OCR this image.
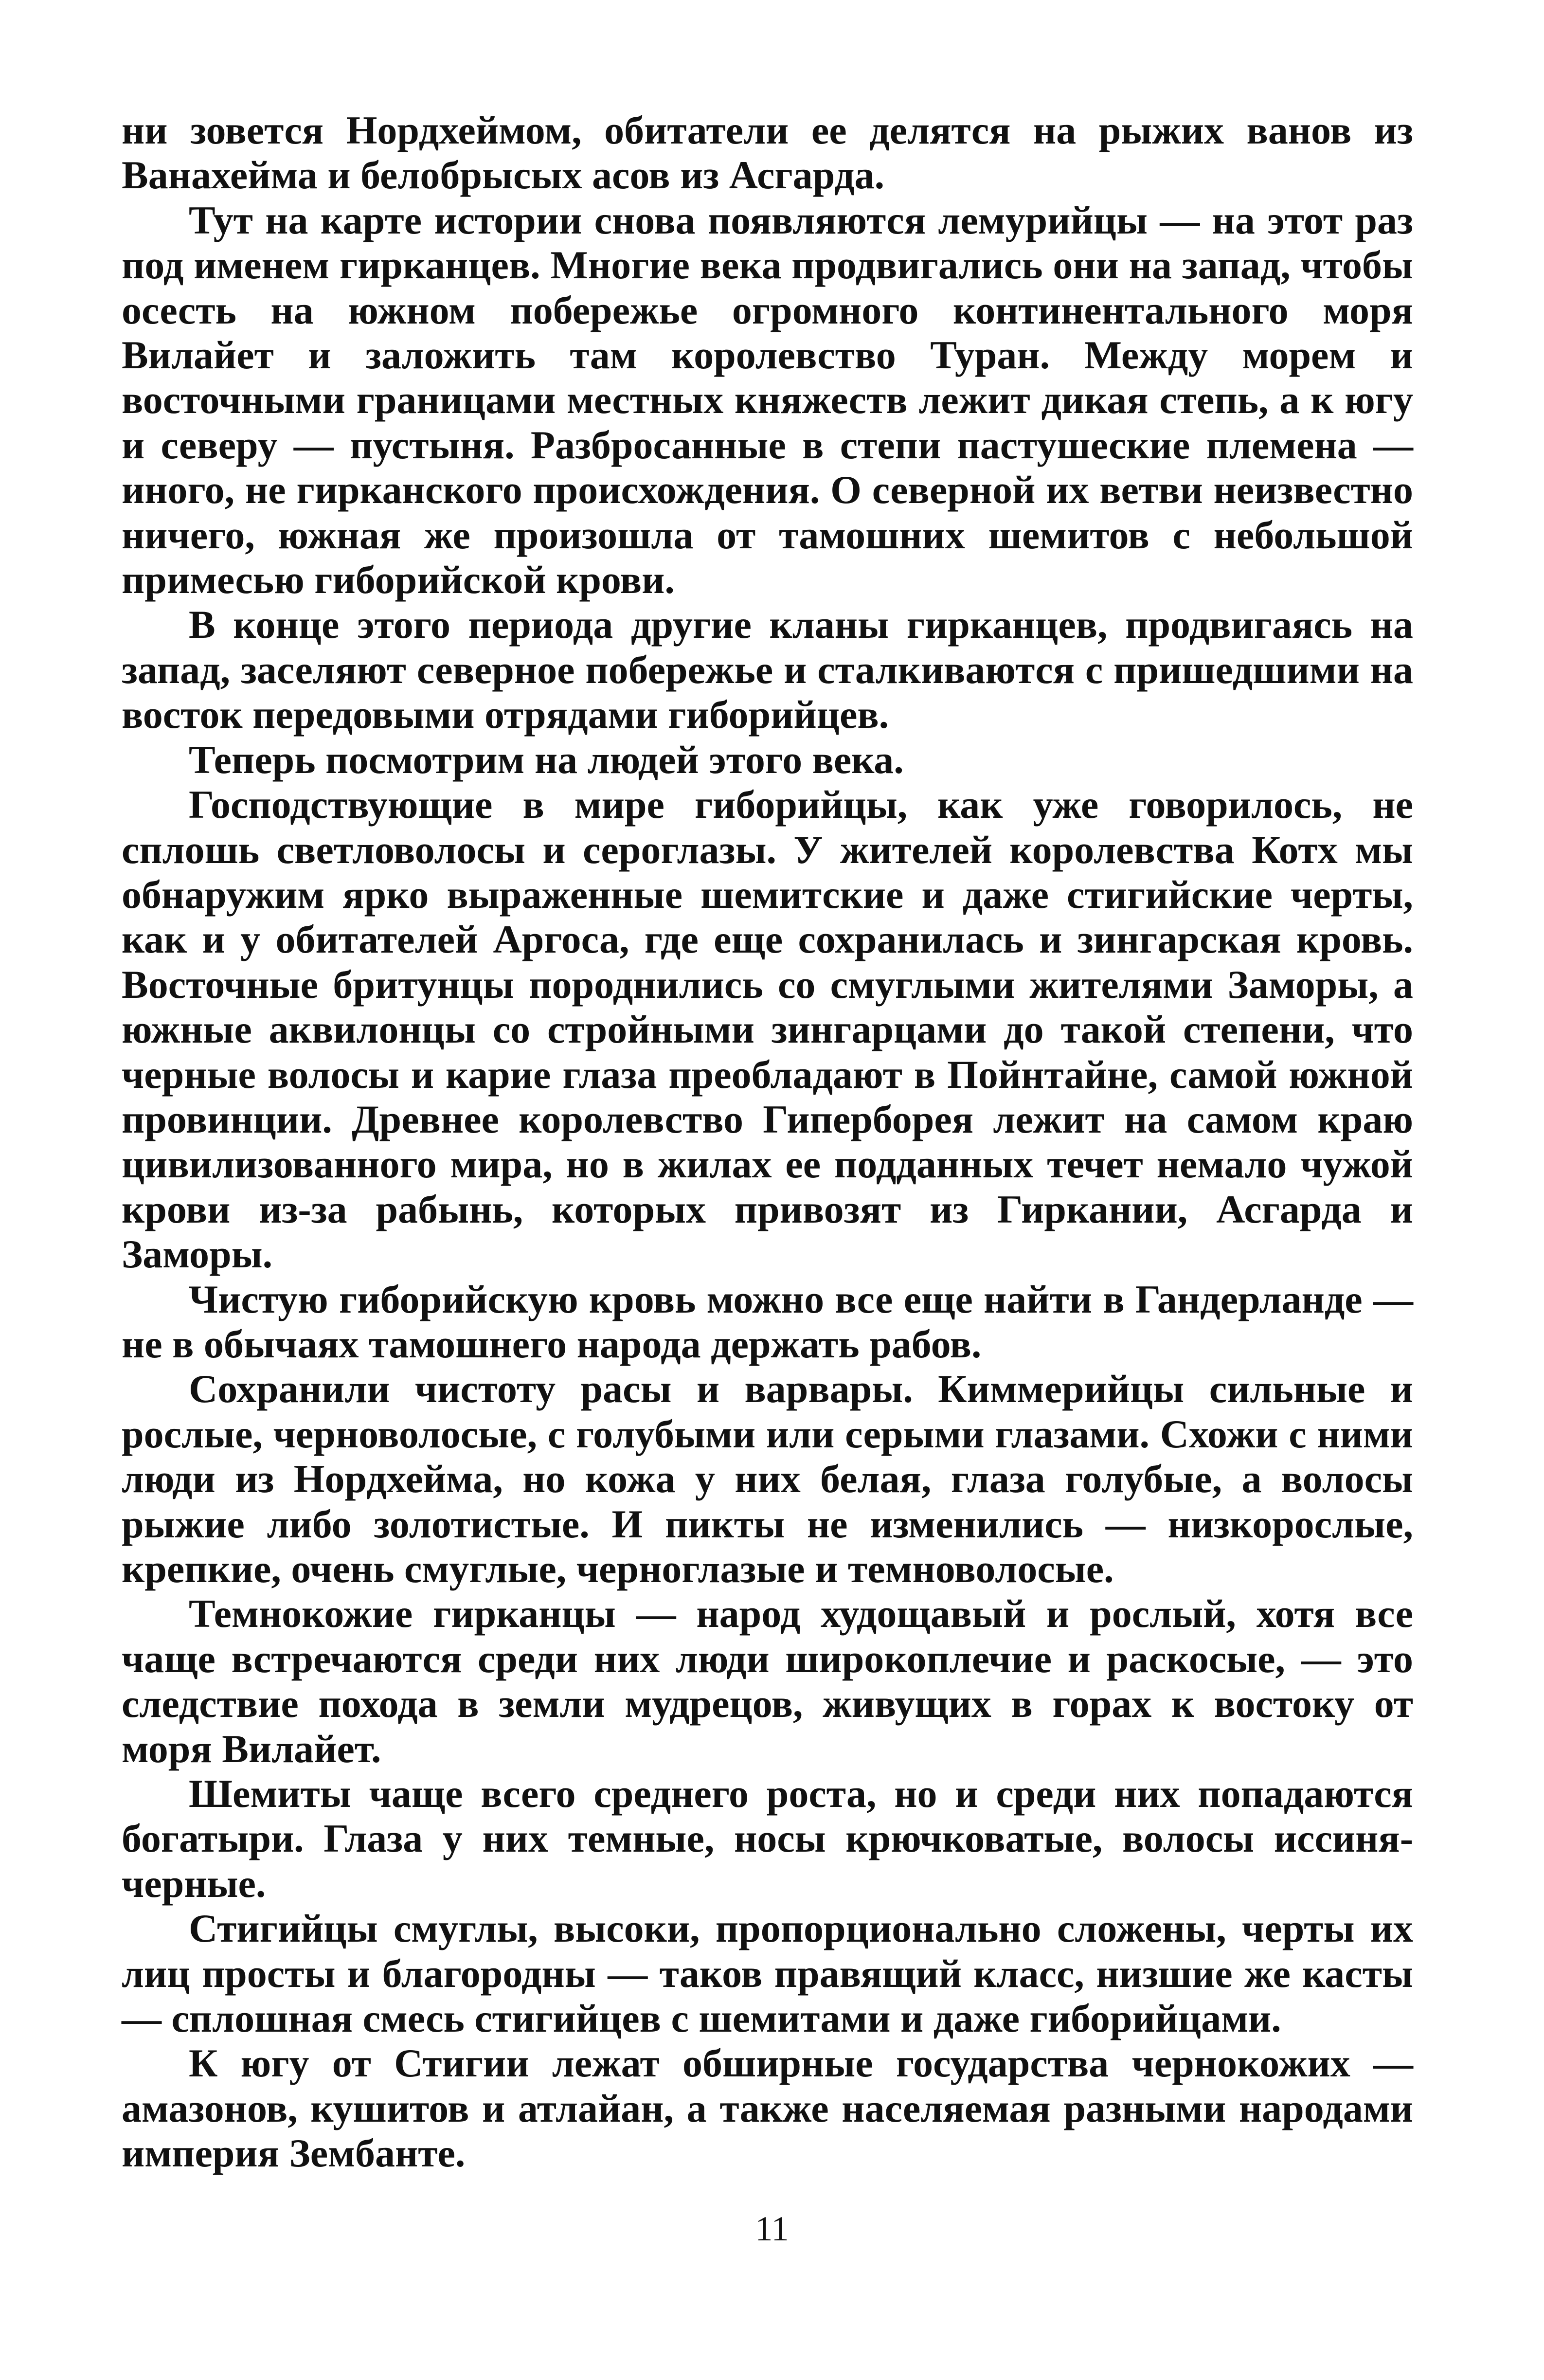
ни зовется Нордхеймом, обитатели ее делятся на рыжих ванов из Ванахейма и белобрысых асов из Асгарда.

Тут на карте истории снова появляются лемурийцы — на этот раз под именем гирканцев. Многие века продвигались они на запад, чтобы осесть на южном побережье огромного континентального моря Вилайет и заложить там королевство Туран. Между морем и восточными границами местных княжеств лежит дикая степь, а к югу и северу — пустыня. Разбросанные в степи пастушеские племена — иного, не гирканского происхождения. О северной их ветви неизвестно ничего, южная же произошла от тамошних шемитов с небольшой примесью гиборийской крови.

В конце этого периода другие кланы гирканцев, продвигаясь на запад, заселяют северное побережье и сталкиваются с пришедшими на восток передовыми отрядами гиборийцев.

Теперь посмотрим на людей этого века.

Господствующие в мире гиборийцы, как уже говорилось, не сплошь светловолосы и сероглазы. У жителей королевства Котх мы обнаружим ярко выраженные шемитские и даже стигийские черты, как и у обитателей Аргоса, где еще сохранилась и зингарская кровь. Восточные бритунцы породнились со смуглыми жителями Заморы, а южные аквилонцы со стройными зингарцами до такой степени, что черные волосы и карие глаза преобладают в Пойнтайне, самой южной провинции. Древнее королевство Гиперборея лежит на самом краю цивилизованного мира, но в жилах ее подданных течет немало чужой крови из-за рабынь, которых привозят из Гиркании, Асгарда и Заморы.

Чистую гиборийскую кровь можно все еще найти в Гандерланде — не в обычаях тамошнего народа держать рабов.

Сохранили чистоту расы и варвары. Киммерийцы сильные и рослые, черноволосые, с голубыми или серыми глазами. Схожи с ними люди из Нордхейма, но кожа у них белая, глаза голубые, а волосы рыжие либо золотистые. И пикты не изменились — низкорослые, крепкие, очень смуглые, черноглазые и темноволосые.

Темнокожие гирканцы — народ худощавый и рослый, хотя все чаще встречаются среди них люди широкоплечие и раскосые, — это следствие похода в земли мудрецов, живущих в горах к востоку от моря Вилайет.

Шемиты чаще всего среднего роста, но и среди них попадаются богатыри. Глаза у них темные, носы крючковатые, волосы иссиня-черные.

Стигийцы смуглы, высоки, пропорционально сложены, черты их лиц просты и благородны — таков правящий класс, низшие же касты — сплошная смесь стигийцев с шемитами и даже гиборийцами.

К югу от Стигии лежат обширные государства чернокожих — амазонов, кушитов и атлайан, а также населяемая разными народами империя Зембанте.

11
